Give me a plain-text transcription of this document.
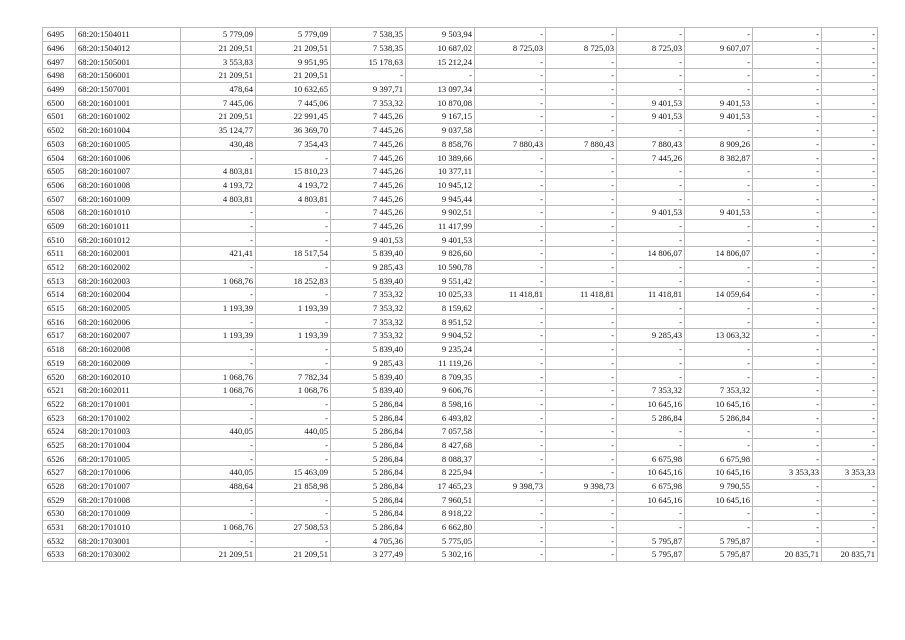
6495	68:20:1504011	5 779,09	5 779,09	7 538,35	9 503,94	-	-	-	-	-	-
6496	68:20:1504012	21 209,51	21 209,51	7 538,35	10 687,02	8 725,03	8 725,03	8 725,03	9 607,07	-	-
6497	68:20:1505001	3 553,83	9 951,95	15 178,63	15 212,24	-	-	-	-	-	-
6498	68:20:1506001	21 209,51	21 209,51	-	-	-	-	-	-	-	-
6499	68:20:1507001	478,64	10 632,65	9 397,71	13 097,34	-	-	-	-	-	-
6500	68:20:1601001	7 445,06	7 445,06	7 353,32	10 870,08	-	-	9 401,53	9 401,53	-	-
6501	68:20:1601002	21 209,51	22 991,45	7 445,26	9 167,15	-	-	9 401,53	9 401,53	-	-
6502	68:20:1601004	35 124,77	36 369,70	7 445,26	9 037,58	-	-	-	-	-	-
6503	68:20:1601005	430,48	7 354,43	7 445,26	8 858,76	7 880,43	7 880,43	7 880,43	8 909,26	-	-
6504	68:20:1601006	-	-	7 445,26	10 389,66	-	-	7 445,26	8 382,87	-	-
6505	68:20:1601007	4 803,81	15 810,23	7 445,26	10 377,11	-	-	-	-	-	-
6506	68:20:1601008	4 193,72	4 193,72	7 445,26	10 945,12	-	-	-	-	-	-
6507	68:20:1601009	4 803,81	4 803,81	7 445,26	9 945,44	-	-	-	-	-	-
6508	68:20:1601010	-	-	7 445,26	9 902,51	-	-	9 401,53	9 401,53	-	-
6509	68:20:1601011	-	-	7 445,26	11 417,99	-	-	-	-	-	-
6510	68:20:1601012	-	-	9 401,53	9 401,53	-	-	-	-	-	-
6511	68:20:1602001	421,41	18 517,54	5 839,40	9 826,60	-	-	14 806,07	14 806,07	-	-
6512	68:20:1602002	-	-	9 285,43	10 590,78	-	-	-	-	-	-
6513	68:20:1602003	1 068,76	18 252,83	5 839,40	9 551,42	-	-	-	-	-	-
6514	68:20:1602004	-	-	7 353,32	10 025,33	11 418,81	11 418,81	11 418,81	14 059,64	-	-
6515	68:20:1602005	1 193,39	1 193,39	7 353,32	8 159,62	-	-	-	-	-	-
6516	68:20:1602006	-	-	7 353,32	8 951,52	-	-	-	-	-	-
6517	68:20:1602007	1 193,39	1 193,39	7 353,32	9 904,52	-	-	9 285,43	13 063,32	-	-
6518	68:20:1602008	-	-	5 839,40	9 235,24	-	-	-	-	-	-
6519	68:20:1602009	-	-	9 285,43	11 119,26	-	-	-	-	-	-
6520	68:20:1602010	1 068,76	7 782,34	5 839,40	8 709,35	-	-	-	-	-	-
6521	68:20:1602011	1 068,76	1 068,76	5 839,40	9 606,76	-	-	7 353,32	7 353,32	-	-
6522	68:20:1701001	-	-	5 286,84	8 598,16	-	-	10 645,16	10 645,16	-	-
6523	68:20:1701002	-	-	5 286,84	6 493,82	-	-	5 286,84	5 286,84	-	-
6524	68:20:1701003	440,05	440,05	5 286,84	7 057,58	-	-	-	-	-	-
6525	68:20:1701004	-	-	5 286,84	8 427,68	-	-	-	-	-	-
6526	68:20:1701005	-	-	5 286,84	8 088,37	-	-	6 675,98	6 675,98	-	-
6527	68:20:1701006	440,05	15 463,09	5 286,84	8 225,94	-	-	10 645,16	10 645,16	3 353,33	3 353,33
6528	68:20:1701007	488,64	21 858,98	5 286,84	17 465,23	9 398,73	9 398,73	6 675,98	9 790,55	-	-
6529	68:20:1701008	-	-	5 286,84	7 960,51	-	-	10 645,16	10 645,16	-	-
6530	68:20:1701009	-	-	5 286,84	8 918,22	-	-	-	-	-	-
6531	68:20:1701010	1 068,76	27 508,53	5 286,84	6 662,80	-	-	-	-	-	-
6532	68:20:1703001	-	-	4 705,36	5 775,05	-	-	5 795,87	5 795,87	-	-
6533	68:20:1703002	21 209,51	21 209,51	3 277,49	5 302,16	-	-	5 795,87	5 795,87	20 835,71	20 835,71
